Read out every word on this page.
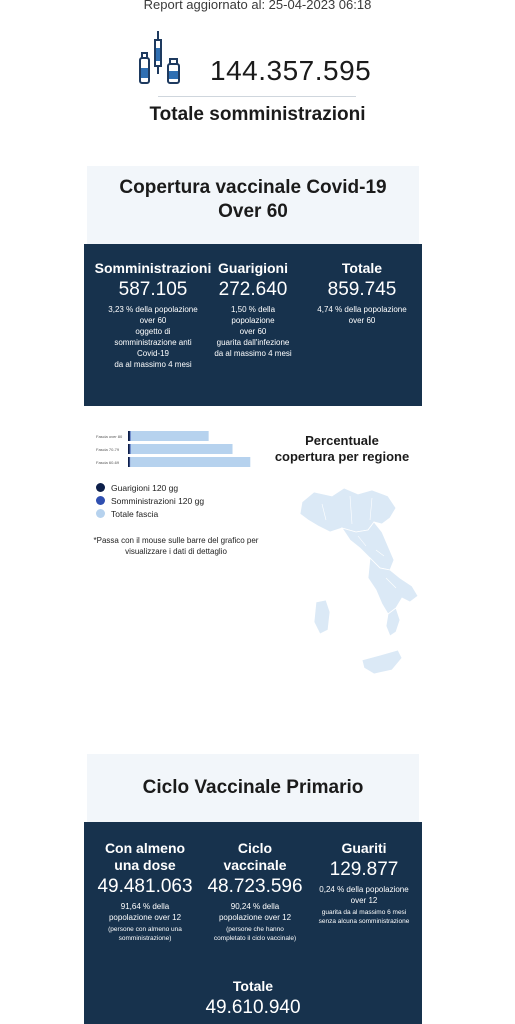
Report aggiornato al: 25-04-2023 06:18
144.357.595
Totale somministrazioni
Copertura vaccinale Covid-19
Over 60
Somministrazioni
587.105
3,23 % della popolazione
over 60
oggetto di
somministrazione anti
Covid-19
da al massimo 4 mesi
Guarigioni
272.640
1,50 % della popolazione
over 60
guarita dall'infezione
da al massimo 4 mesi
Totale
859.745
4,74 % della popolazione
over 60
Fascia over 80
Fascia 70-79
Fascia 60-69
Guarigioni 120 gg
Somministrazioni 120 gg
Totale fascia
*Passa con il mouse sulle barre del grafico per
visualizzare i dati di dettaglio
Percentuale
copertura per regione
Ciclo Vaccinale Primario
Con almeno
una dose
49.481.063
91,64 % della
popolazione over 12
(persone con almeno una
somministrazione)
Ciclo
vaccinale
48.723.596
90,24 % della
popolazione over 12
(persone che hanno
completato il ciclo vaccinale)
Guariti
129.877
0,24 % della popolazione
over 12
guarita da al massimo 6 mesi
senza alcuna somministrazione
Totale
49.610.940
